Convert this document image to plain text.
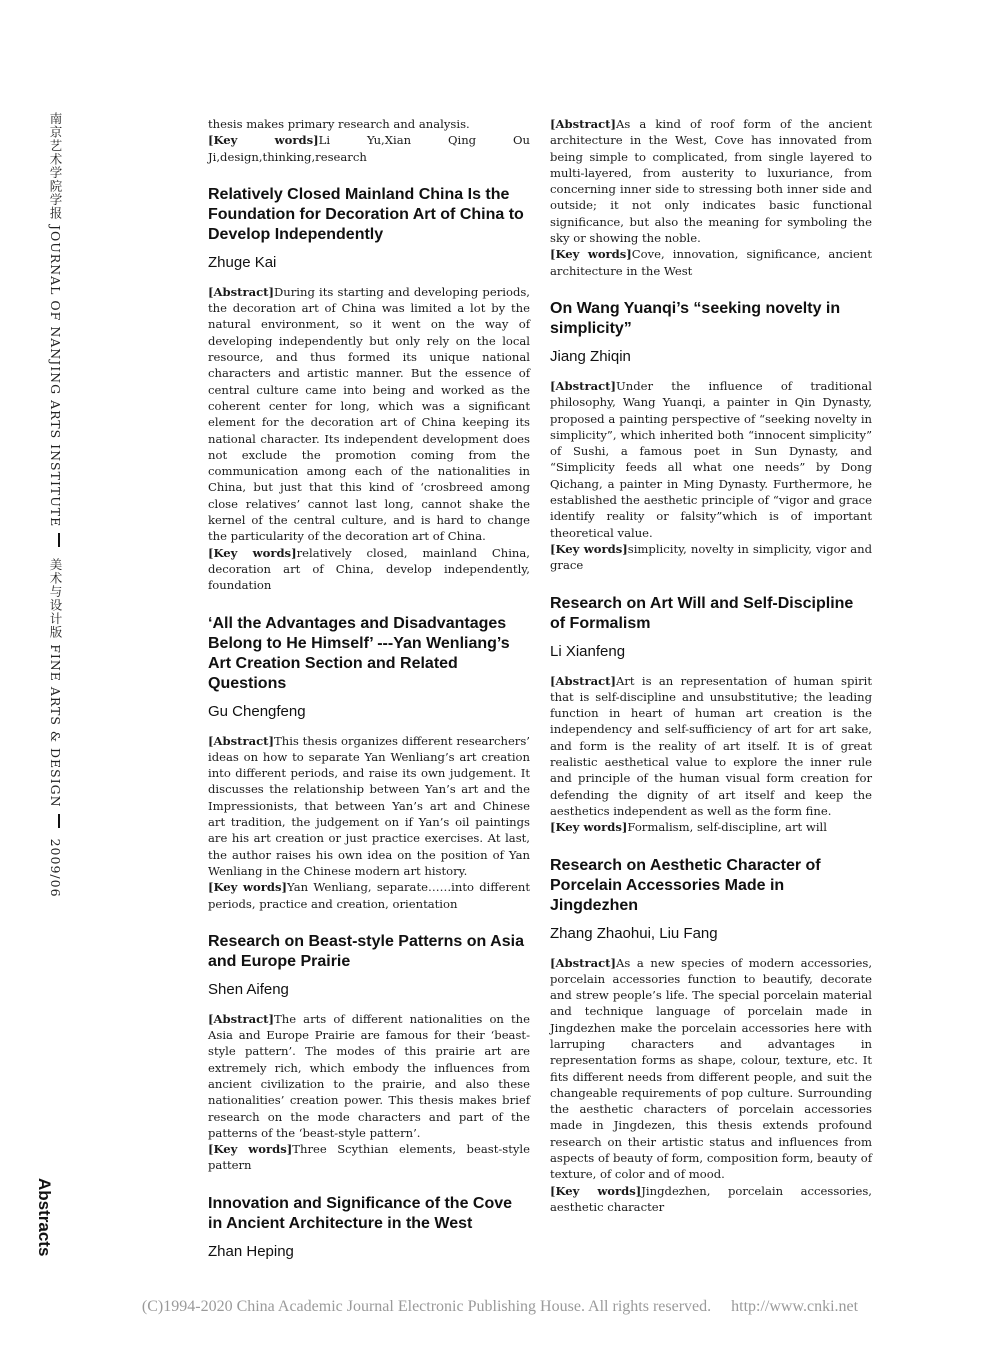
南京艺术学院学报 JOURNAL OF NANJING ARTS INSTITUTE 美术与设计版 FINE ARTS & DESIGN 2009/06
Abstracts

thesis makes primary research and analysis.

[Key words]Li Yu,Xian Qing Ou Ji,design,thinking,research

Relatively Closed Mainland China Is the Foundation for Decoration Art of China to Develop Independently
Zhuge Kai

[Abstract]During its starting and developing periods, the decoration art of China was limited a lot by the natural environment, so it went on the way of developing independently but only rely on the local resource, and thus formed its unique national characters and artistic manner. But the essence of central culture came into being and worked as the coherent center for long, which was a significant element for the decoration art of China keeping its national character. Its independent development does not exclude the promotion coming from the communication among each of the nationalities in China, but just that this kind of ‘crosbreed among close relatives’ cannot last long, cannot shake the kernel of the central culture, and is hard to change the particularity of the decoration art of China.

[Key words]relatively closed, mainland China, decoration art of China, develop independently, foundation

‘All the Advantages and Disadvantages Belong to He Himself’ ---Yan Wenliang’s Art Creation Section and Related Questions
Gu Chengfeng

[Abstract]This thesis organizes different researchers’ ideas on how to separate Yan Wenliang’s art creation into different periods, and raise its own judgement. It discusses the relationship between Yan’s art and the Impressionists, that between Yan’s art and Chinese art tradition, the judgement on if Yan’s oil paintings are his art creation or just practice exercises. At last, the author raises his own idea on the position of Yan Wenliang in the Chinese modern art history.

[Key words]Yan Wenliang, separate……into different periods, practice and creation, orientation

Research on Beast-style Patterns on Asia and Europe Prairie
Shen Aifeng

[Abstract]The arts of different nationalities on the Asia and Europe Prairie are famous for their ‘beast-style pattern’. The modes of this prairie art are extremely rich, which embody the influences from ancient civilization to the prairie, and also these nationalities’ creation power. This thesis makes brief research on the mode characters and part of the patterns of the ‘beast-style pattern’.

[Key words]Three Scythian elements, beast-style pattern

Innovation and Significance of the Cove in Ancient Architecture in the West
Zhan Heping

[Abstract]As a kind of roof form of the ancient architecture in the West, Cove has innovated from being simple to complicated, from single layered to multi-layered, from austerity to luxuriance, from concerning inner side to stressing both inner side and outside; it not only indicates basic functional significance, but also the meaning for symboling the sky or showing the noble.

[Key words]Cove, innovation, significance, ancient architecture in the West

On Wang Yuanqi’s “seeking novelty in simplicity”
Jiang Zhiqin

[Abstract]Under the influence of traditional philosophy, Wang Yuanqi, a painter in Qin Dynasty, proposed a painting perspective of “seeking novelty in simplicity”, which inherited both “innocent simplicity” of Sushi, a famous poet in Sun Dynasty, and “Simplicity feeds all what one needs” by Dong Qichang, a painter in Ming Dynasty. Furthermore, he established the aesthetic principle of “vigor and grace identify reality or falsity”which is of important theoretical value.

[Key words]simplicity, novelty in simplicity, vigor and grace

Research on Art Will and Self-Discipline of Formalism
Li Xianfeng

[Abstract]Art is an representation of human spirit that is self-discipline and unsubstitutive; the leading function in heart of human art creation is the independency and self-sufficiency of art for art sake, and form is the reality of art itself. It is of great realistic aesthetical value to explore the inner rule and principle of the human visual form creation for defending the dignity of art itself and keep the aesthetics independent as well as the form fine.

[Key words]Formalism, self-discipline, art will

Research on Aesthetic Character of Porcelain Accessories Made in Jingdezhen
Zhang Zhaohui, Liu Fang

[Abstract]As a new species of modern accessories, porcelain accessories function to beautify, decorate and strew people’s life. The special porcelain material and technique language of porcelain made in Jingdezhen make the porcelain accessories here with larruping characters and advantages in representation forms as shape, colour, texture, etc. It fits different needs from different people, and suit the changeable requirements of pop culture. Surrounding the aesthetic characters of porcelain accessories made in Jingdezen, this thesis extends profound research on their artistic status and influences from aspects of beauty of form, composition form, beauty of texture, of color and of mood.

[Key words]Jingdezhen, porcelain accessories, aesthetic character

(C)1994-2020 China Academic Journal Electronic Publishing House. All rights reserved. http://www.cnki.net
